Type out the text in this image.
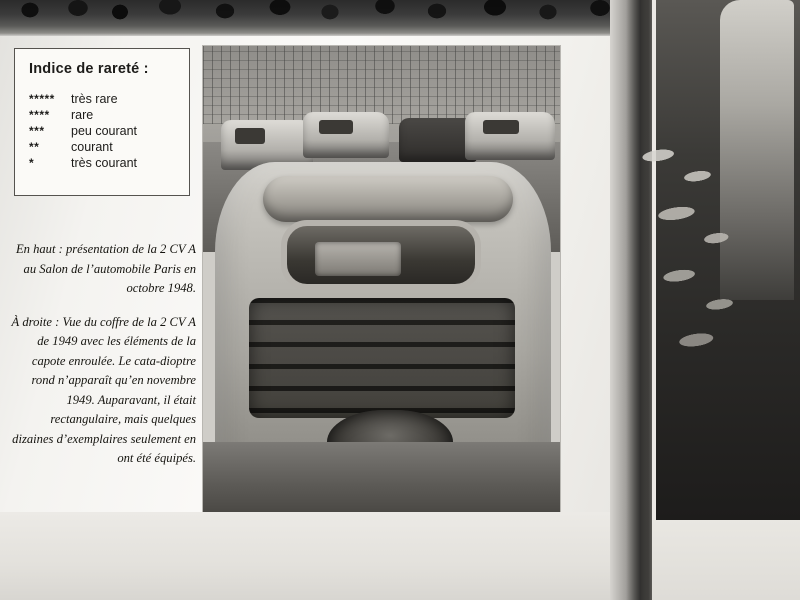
Indice de rareté :
*****	très rare
****	rare
***	peu courant
**	courant
*	très courant

En haut : présentation de la 2 CV A au Salon de l’automobile Paris en octobre 1948.

À droite : Vue du coffre de la 2 CV A de 1949 avec les éléments de la capote enroulée. Le cata-dioptre rond n’apparaît qu’en novembre 1949. Auparavant, il était rectangulaire, mais quelques dizaines d’exemplaires seulement en ont été équipés.
